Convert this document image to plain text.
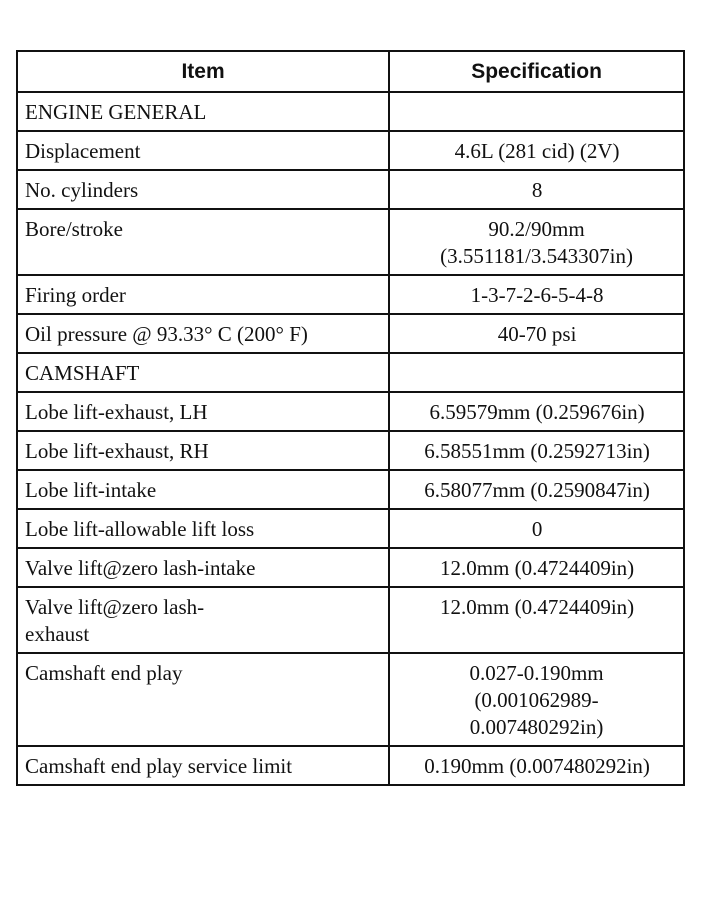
Item	Specification
ENGINE GENERAL	
Displacement	4.6L (281 cid) (2V)
No. cylinders	8
Bore/stroke	90.2/90mm (3.551181/3.543307in)
Firing order	1-3-7-2-6-5-4-8
Oil pressure @ 93.33° C (200° F)	40-70 psi
CAMSHAFT	
Lobe lift-exhaust, LH	6.59579mm (0.259676in)
Lobe lift-exhaust, RH	6.58551mm (0.2592713in)
Lobe lift-intake	6.58077mm (0.2590847in)
Lobe lift-allowable lift loss	0
Valve lift@zero lash-intake	12.0mm (0.4724409in)
Valve lift@zero lash-exhaust	12.0mm (0.4724409in)
Camshaft end play	0.027-0.190mm (0.001062989-0.007480292in)
Camshaft end play service limit	0.190mm (0.007480292in)
